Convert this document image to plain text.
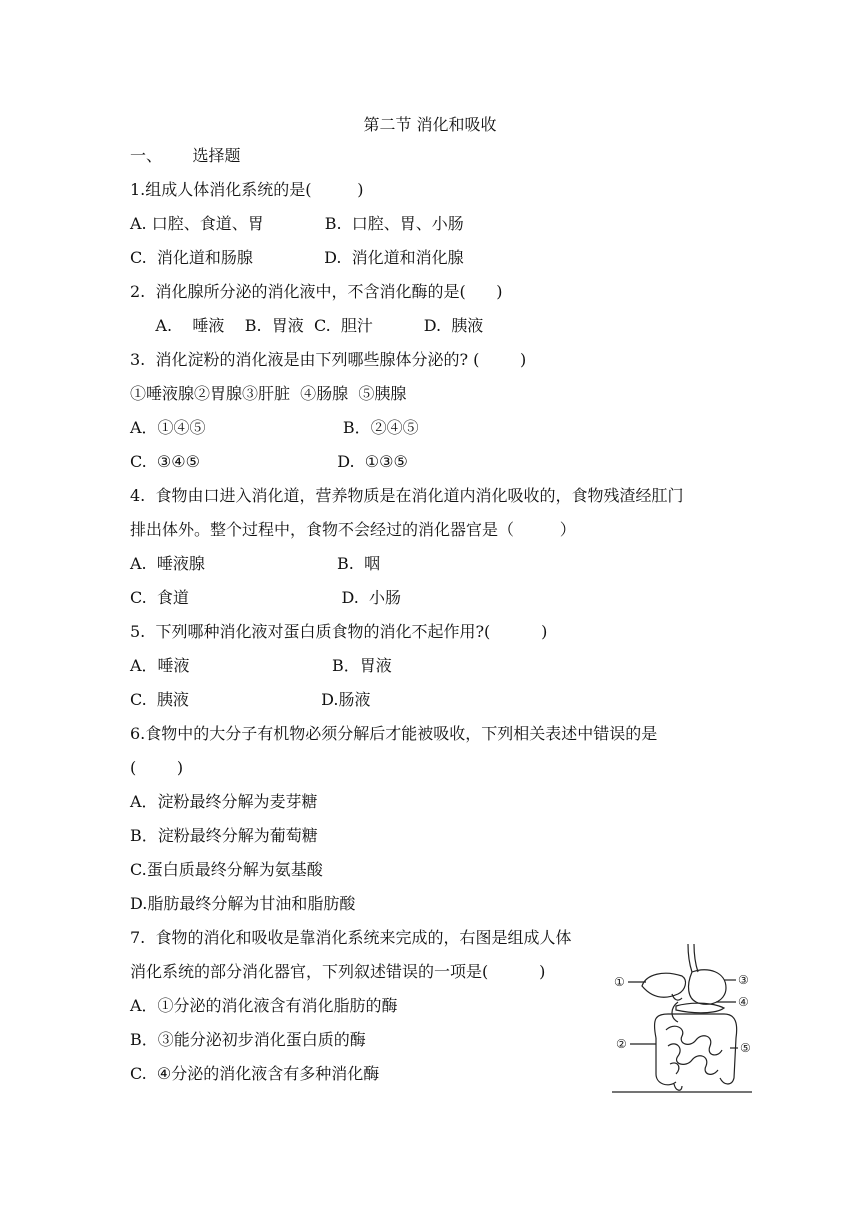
第二节 消化和吸收
一、      选择题
1.组成人体消化系统的是(         )
A. 口腔、食道、胃            B.  口腔、胃、小肠
C.  消化道和肠腺              D.  消化道和消化腺
2.  消化腺所分泌的消化液中，不含消化酶的是(      )
A.    唾液    B.  胃液  C.  胆汁          D.  胰液
3.  消化淀粉的消化液是由下列哪些腺体分泌的? (        )
①唾液腺②胃腺③肝脏  ④肠腺  ⑤胰腺
A．①④⑤                           B．②④⑤
C.  ③④⑤                           D.  ①③⑤
4.  食物由口进入消化道，营养物质是在消化道内消化吸收的，食物残渣经肛门
排出体外。整个过程中，食物不会经过的消化器官是（         ）
A.  唾液腺                          B.  咽
C.  食道                              D.  小肠
5.  下列哪种消化液对蛋白质食物的消化不起作用?(          )
A．唾液                            B．胃液
C.  胰液                          D.肠液
6.食物中的大分子有机物必须分解后才能被吸收，下列相关表述中错误的是
(        )
A．淀粉最终分解为麦芽糖
B．淀粉最终分解为葡萄糖
C.蛋白质最终分解为氨基酸
D.脂肪最终分解为甘油和脂肪酸
7.  食物的消化和吸收是靠消化系统来完成的，右图是组成人体
消化系统的部分消化器官，下列叙述错误的一项是(          )
A．①分泌的消化液含有消化脂肪的酶
B．③能分泌初步消化蛋白质的酶
C.  ④分泌的消化液含有多种消化酶
①
②
③
④
⑤
